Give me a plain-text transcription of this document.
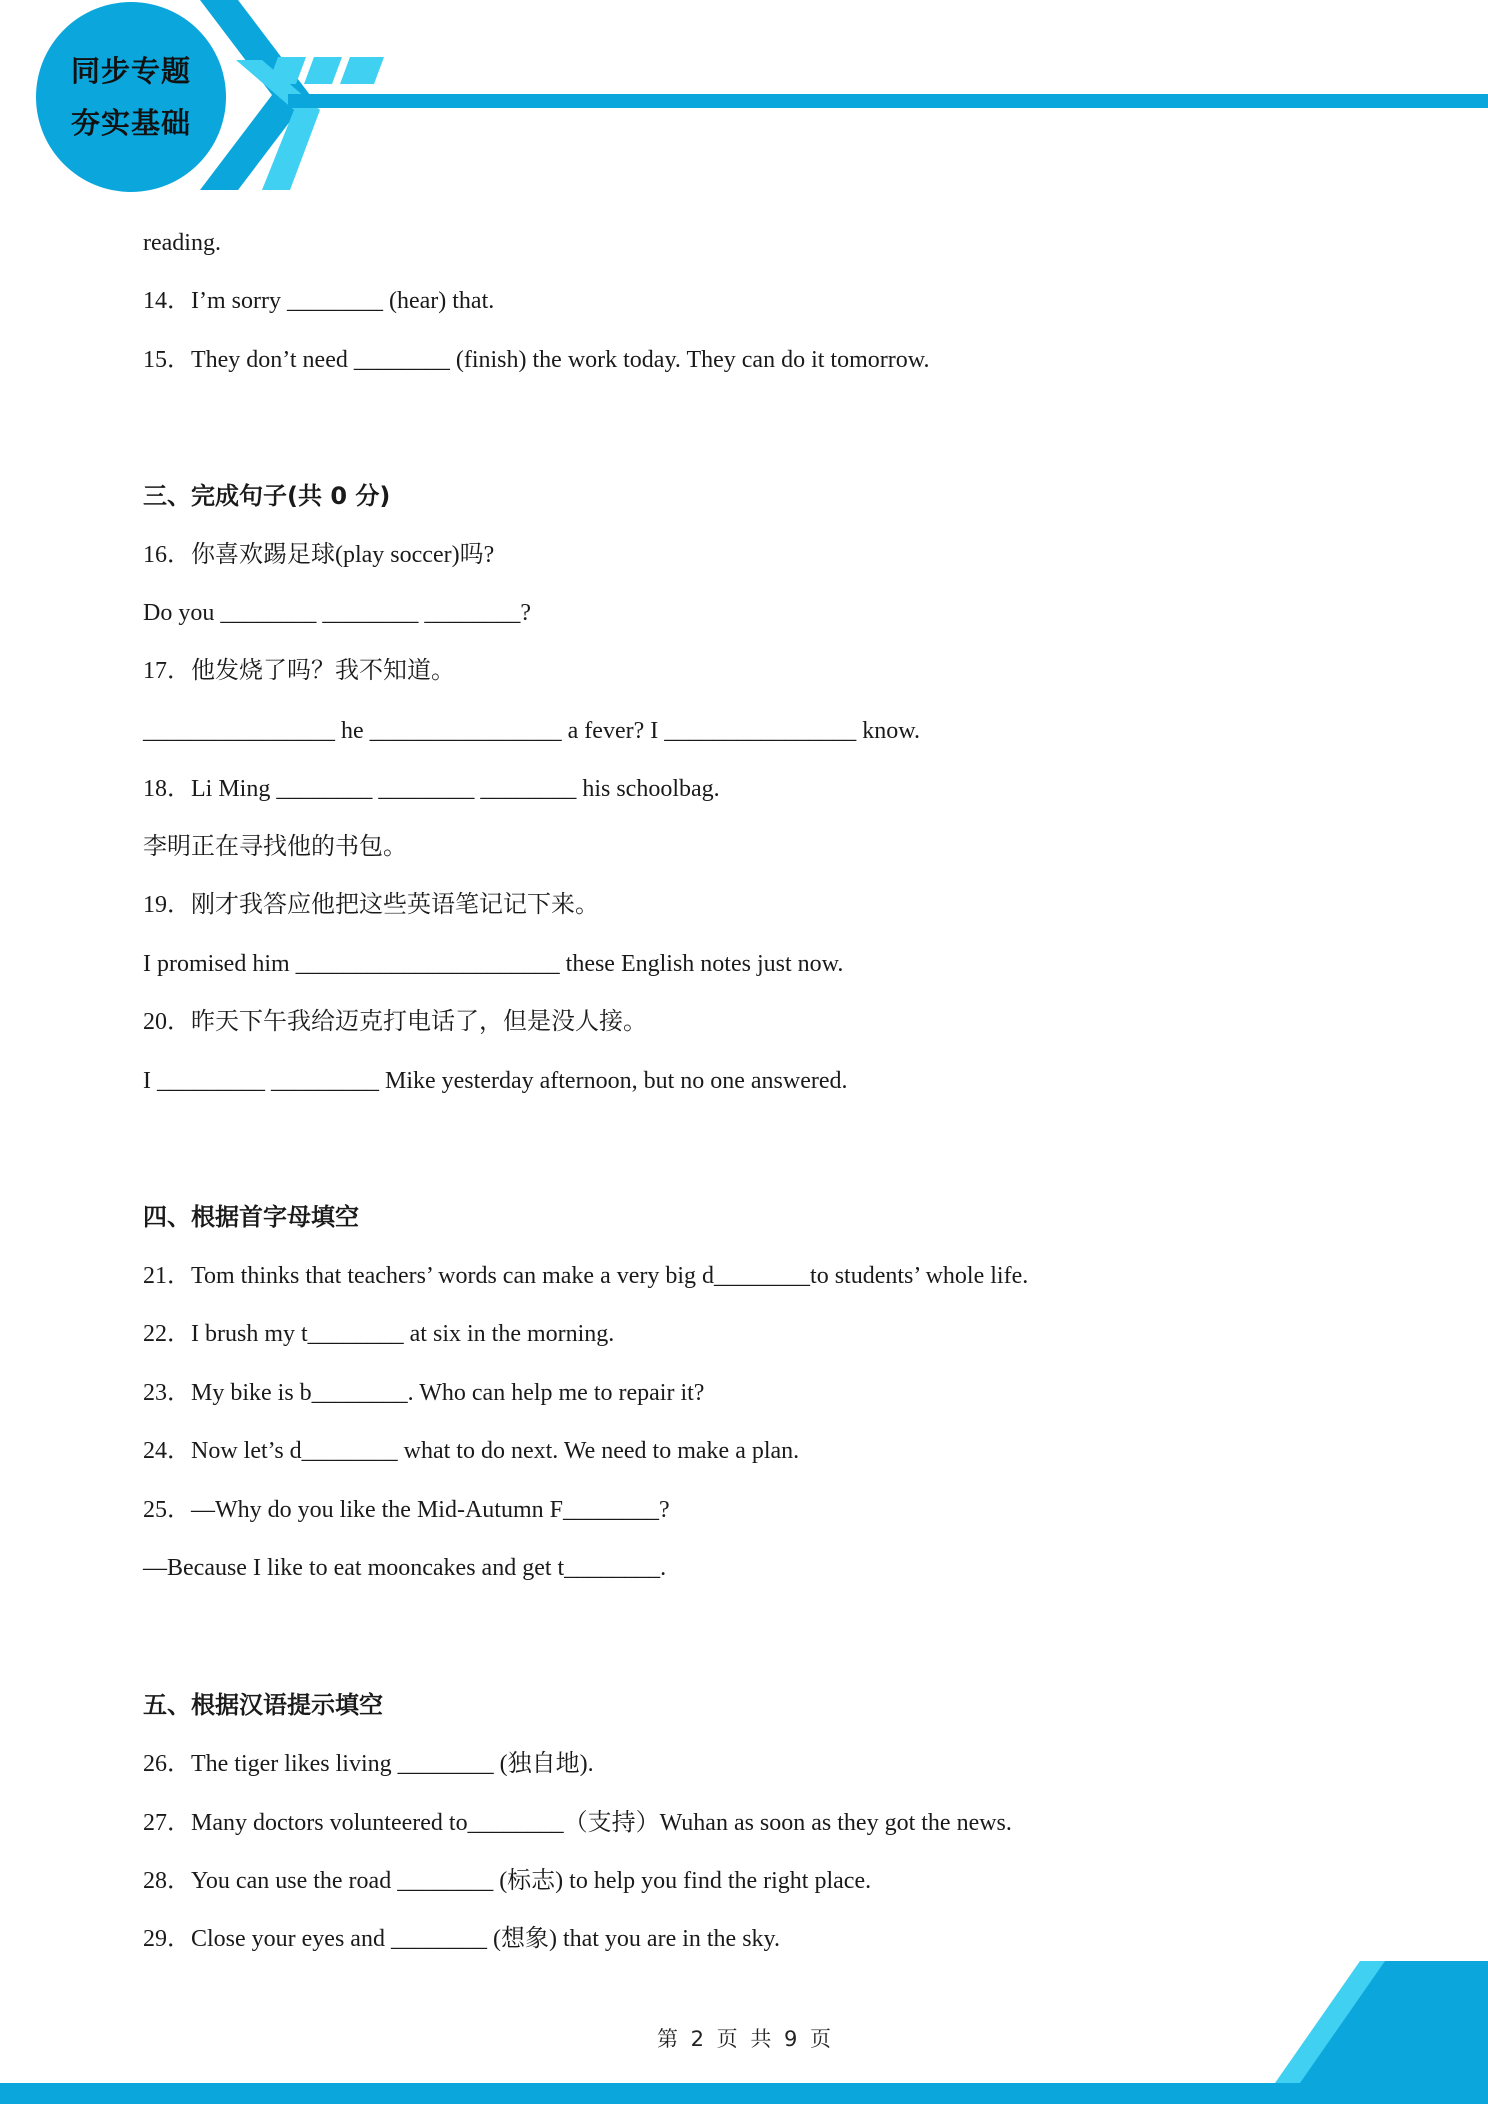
同步专题
夯实基础
reading.
14．I’m sorry ________ (hear) that.
15．They don’t need ________ (finish) the work today. They can do it tomorrow.
三、完成句子(共 0 分)
16．你喜欢踢足球(play soccer)吗?
Do you ________ ________ ________?
17．他发烧了吗？我不知道。
________________ he ________________ a fever? I ________________ know.
18．Li Ming ________ ________ ________ his schoolbag.
李明正在寻找他的书包。
19．刚才我答应他把这些英语笔记记下来。
I promised him ______________________ these English notes just now.
20．昨天下午我给迈克打电话了，但是没人接。
I _________ _________ Mike yesterday afternoon, but no one answered.
四、根据首字母填空
21．Tom thinks that teachers’ words can make a very big d________to students’ whole life.
22．I brush my t________ at six in the morning.
23．My bike is b________. Who can help me to repair it?
24．Now let’s d________ what to do next. We need to make a plan.
25．—Why do you like the Mid-Autumn F________?
—Because I like to eat mooncakes and get t________.
五、根据汉语提示填空
26．The tiger likes living ________ (独自地).
27．Many doctors volunteered to________（支持）Wuhan as soon as they got the news.
28．You can use the road ________ (标志) to help you find the right place.
29．Close your eyes and ________ (想象) that you are in the sky.
第 2 页 共 9 页
